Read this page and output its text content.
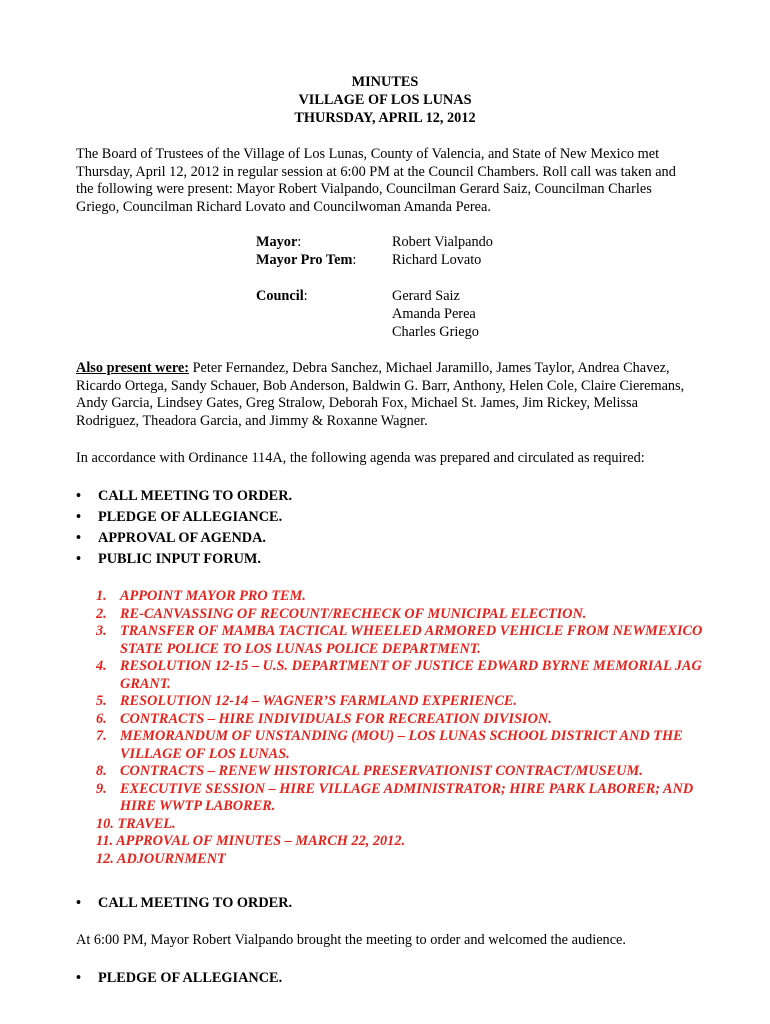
MINUTES
VILLAGE OF LOS LUNAS
THURSDAY, APRIL 12, 2012
The Board of Trustees of the Village of Los Lunas, County of Valencia, and State of New Mexico met Thursday, April 12, 2012 in regular session at 6:00 PM at the Council Chambers. Roll call was taken and the following were present: Mayor Robert Vialpando, Councilman Gerard Saiz, Councilman Charles Griego, Councilman Richard Lovato and Councilwoman Amanda Perea.
Mayor:	Robert Vialpando
Mayor Pro Tem: Richard Lovato
Council:	Gerard Saiz
Amanda Perea
Charles Griego
Also present were: Peter Fernandez, Debra Sanchez, Michael Jaramillo, James Taylor, Andrea Chavez, Ricardo Ortega, Sandy Schauer, Bob Anderson, Baldwin G. Barr, Anthony, Helen Cole, Claire Cieremans, Andy Garcia, Lindsey Gates, Greg Stralow, Deborah Fox, Michael St. James, Jim Rickey, Melissa Rodriguez, Theadora Garcia, and Jimmy & Roxanne Wagner.
In accordance with Ordinance 114A, the following agenda was prepared and circulated as required:
•	CALL MEETING TO ORDER.
•	PLEDGE OF ALLEGIANCE.
•	APPROVAL OF AGENDA.
•	PUBLIC INPUT FORUM.
1. APPOINT MAYOR PRO TEM.
2. RE-CANVASSING OF RECOUNT/RECHECK OF MUNICIPAL ELECTION.
3. TRANSFER OF MAMBA TACTICAL WHEELED ARMORED VEHICLE FROM NEWMEXICO STATE POLICE TO LOS LUNAS POLICE DEPARTMENT.
4. RESOLUTION 12-15 – U.S. DEPARTMENT OF JUSTICE EDWARD BYRNE MEMORIAL JAG GRANT.
5. RESOLUTION 12-14 – WAGNER’S FARMLAND EXPERIENCE.
6. CONTRACTS – HIRE INDIVIDUALS FOR RECREATION DIVISION.
7. MEMORANDUM OF UNSTANDING (MOU) – LOS LUNAS SCHOOL DISTRICT AND THE VILLAGE OF LOS LUNAS.
8. CONTRACTS – RENEW HISTORICAL PRESERVATIONIST CONTRACT/MUSEUM.
9. EXECUTIVE SESSION – HIRE VILLAGE ADMINISTRATOR; HIRE PARK LABORER; AND HIRE WWTP LABORER.
10. TRAVEL.
11. APPROVAL OF MINUTES – MARCH 22, 2012.
12. ADJOURNMENT
•	CALL MEETING TO ORDER.
At 6:00 PM, Mayor Robert Vialpando brought the meeting to order and welcomed the audience.
•	PLEDGE OF ALLEGIANCE.
